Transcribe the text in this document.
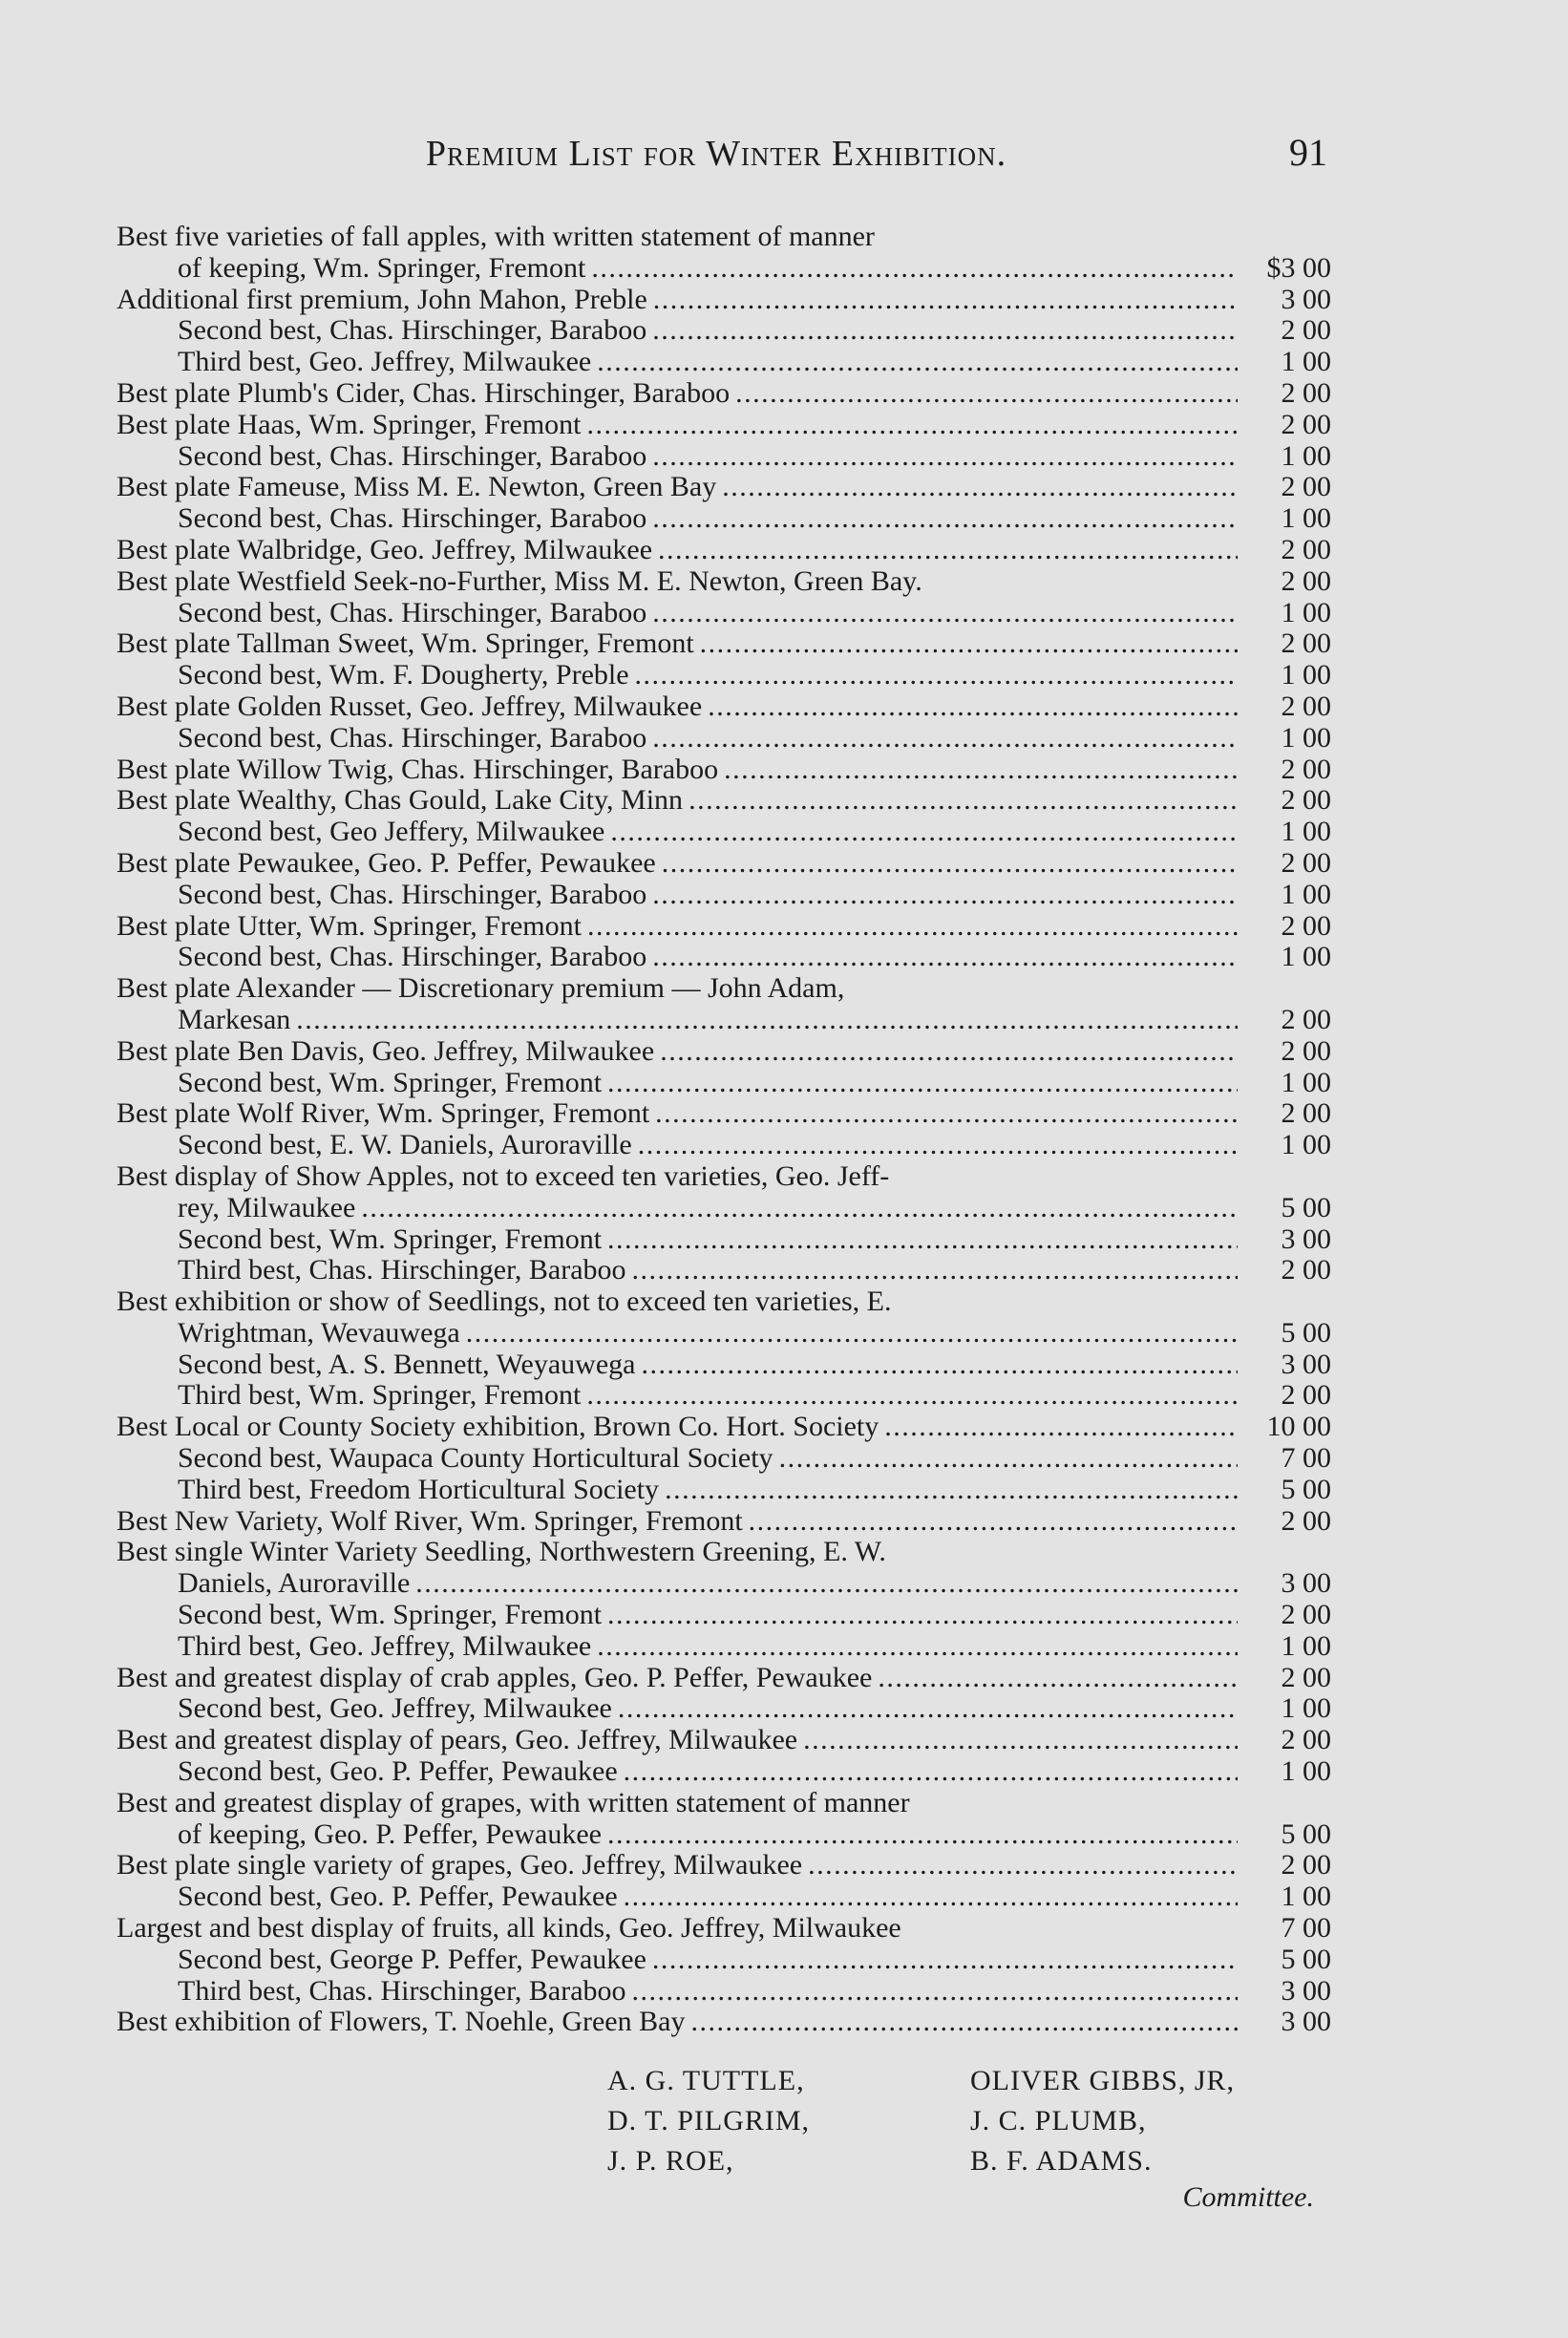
Premium List for Winter Exhibition.	91
Best five varieties of fall apples, with written statement of manner
of keeping, Wm. Springer, Fremont . . .	$3 00
Additional first premium, John Mahon, Preble . . .	3 00
Second best, Chas. Hirschinger, Baraboo . . .	2 00
Third best, Geo. Jeffrey, Milwaukee . . .	1 00
Best plate Plumb's Cider, Chas. Hirschinger, Baraboo . . .	2 00
Best plate Haas, Wm. Springer, Fremont . . .	2 00
Second best, Chas. Hirschinger, Baraboo . . .	1 00
Best plate Fameuse, Miss M. E. Newton, Green Bay . . .	2 00
Second best, Chas. Hirschinger, Baraboo . . .	1 00
Best plate Walbridge, Geo. Jeffrey, Milwaukee . . .	2 00
Best plate Westfield Seek-no-Further, Miss M. E. Newton, Green Bay.	2 00
Second best, Chas. Hirschinger, Baraboo . . .	1 00
Best plate Tallman Sweet, Wm. Springer, Fremont . . .	2 00
Second best, Wm. F. Dougherty, Preble . . .	1 00
Best plate Golden Russet, Geo. Jeffrey, Milwaukee . . .	2 00
Second best, Chas. Hirschinger, Baraboo . . .	1 00
Best plate Willow Twig, Chas. Hirschinger, Baraboo . . .	2 00
Best plate Wealthy, Chas Gould, Lake City, Minn . . .	2 00
Second best, Geo Jeffery, Milwaukee . . .	1 00
Best plate Pewaukee, Geo. P. Peffer, Pewaukee . . .	2 00
Second best, Chas. Hirschinger, Baraboo . . .	1 00
Best plate Utter, Wm. Springer, Fremont . . .	2 00
Second best, Chas. Hirschinger, Baraboo . . .	1 00
Best plate Alexander — Discretionary premium — John Adam,
Markesan . . .	2 00
Best plate Ben Davis, Geo. Jeffrey, Milwaukee . . .	2 00
Second best, Wm. Springer, Fremont . . .	1 00
Best plate Wolf River, Wm. Springer, Fremont . . .	2 00
Second best, E. W. Daniels, Auroraville . . .	1 00
Best display of Show Apples, not to exceed ten varieties, Geo. Jeff-
rey, Milwaukee . . .	5 00
Second best, Wm. Springer, Fremont . . .	3 00
Third best, Chas. Hirschinger, Baraboo . . .	2 00
Best exhibition or show of Seedlings, not to exceed ten varieties, E.
Wrightman, Wevauwega . . .	5 00
Second best, A. S. Bennett, Weyauwega . . .	3 00
Third best, Wm. Springer, Fremont . . .	2 00
Best Local or County Society exhibition, Brown Co. Hort. Society . . .	10 00
Second best, Waupaca County Horticultural Society . . .	7 00
Third best, Freedom Horticultural Society . . .	5 00
Best New Variety, Wolf River, Wm. Springer, Fremont . . .	2 00
Best single Winter Variety Seedling, Northwestern Greening, E. W.
Daniels, Auroraville . . .	3 00
Second best, Wm. Springer, Fremont . . .	2 00
Third best, Geo. Jeffrey, Milwaukee . . .	1 00
Best and greatest display of crab apples, Geo. P. Peffer, Pewaukee . . .	2 00
Second best, Geo. Jeffrey, Milwaukee . . .	1 00
Best and greatest display of pears, Geo. Jeffrey, Milwaukee . . .	2 00
Second best, Geo. P. Peffer, Pewaukee . . .	1 00
Best and greatest display of grapes, with written statement of manner
of keeping, Geo. P. Peffer, Pewaukee . . .	5 00
Best plate single variety of grapes, Geo. Jeffrey, Milwaukee . . .	2 00
Second best, Geo. P. Peffer, Pewaukee . . .	1 00
Largest and best display of fruits, all kinds, Geo. Jeffrey, Milwaukee	7 00
Second best, George P. Peffer, Pewaukee . . .	5 00
Third best, Chas. Hirschinger, Baraboo . . .	3 00
Best exhibition of Flowers, T. Noehle, Green Bay . . .	3 00
A. G. TUTTLE,	OLIVER GIBBS, JR,
D. T. PILGRIM,	J. C. PLUMB,
J. P. ROE,	B. F. ADAMS.
Committee.
